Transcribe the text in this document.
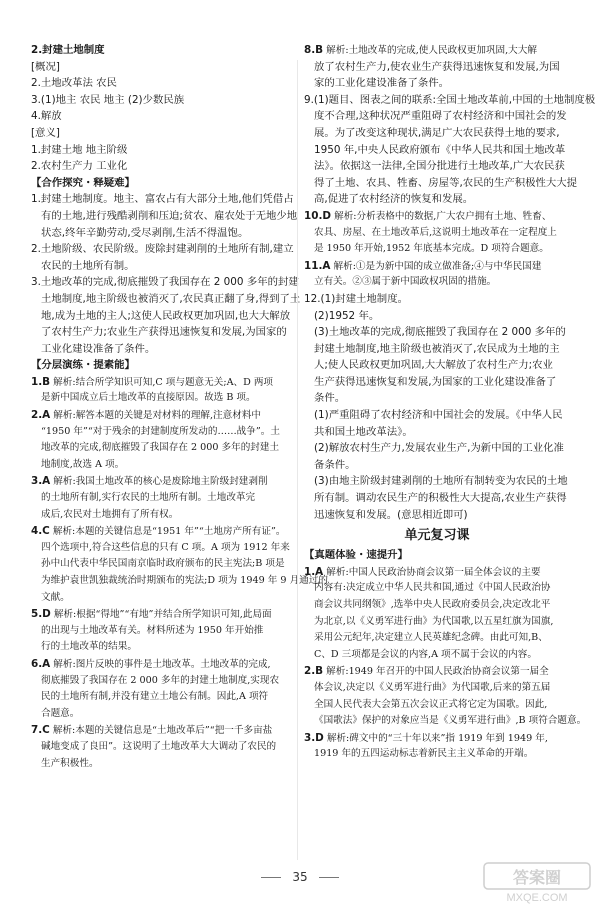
2.封建土地制度
[概况]
2.土地改革法 农民
3.(1)地主 农民 地主 (2)少数民族
4.解放
[意义]
1.封建土地 地主阶级
2.农村生产力 工业化
【合作探究・释疑难】
1.封建土地制度。地主、富农占有大部分土地,他们凭借占
有的土地,进行残酷剥削和压迫;贫农、雇农处于无地少地
状态,终年辛勤劳动,受尽剥削,生活不得温饱。
2.土地阶级、农民阶级。废除封建剥削的土地所有制,建立
农民的土地所有制。
3.土地改革的完成,彻底摧毁了我国存在 2 000 多年的封建
土地制度,地主阶级也被消灭了,农民真正翻了身,得到了土
地,成为土地的主人;这使人民政权更加巩固,也大大解放
了农村生产力;农业生产获得迅速恢复和发展,为国家的
工业化建设准备了条件。
【分层演练・提素能】
1.B 解析:结合所学知识可知,C 项与题意无关;A、D 两项
是新中国成立后土地改革的直接原因。故选 B 项。
2.A 解析:解答本题的关键是对材料的理解,注意材料中
“1950 年”“对于残余的封建制度所发动的……战争”。土
地改革的完成,彻底摧毁了我国存在 2 000 多年的封建土
地制度,故选 A 项。
3.A 解析:我国土地改革的核心是废除地主阶级封建剥削
的土地所有制,实行农民的土地所有制。土地改革完
成后,农民对土地拥有了所有权。
4.C 解析:本题的关键信息是“1951 年”“土地房产所有证”。
四个选项中,符合这些信息的只有 C 项。A 项为 1912 年来
孙中山代表中华民国南京临时政府颁布的民主宪法;B 项是
为维护袁世凯独裁统治时期颁布的宪法;D 项为 1949 年 9 月通过的
文献。
5.D 解析:根据“得地”“有地”并结合所学知识可知,此局面
的出现与土地改革有关。材料所述为 1950 年开始推
行的土地改革的结果。
6.A 解析:图片反映的事件是土地改革。土地改革的完成,
彻底摧毁了我国存在 2 000 多年的封建土地制度,实现农
民的土地所有制,并没有建立土地公有制。因此,A 项符
合题意。
7.C 解析:本题的关键信息是“土地改革后”“把一千多亩盐
碱地变成了良田”。这说明了土地改革大大调动了农民的
生产积极性。
8.B 解析:土地改革的完成,使人民政权更加巩固,大大解
放了农村生产力,使农业生产获得迅速恢复和发展,为国
家的工业化建设准备了条件。
9.(1)题目、图表之间的联系:全国土地改革前,中国的土地制度极
度不合理,这种状况严重阻碍了农村经济和中国社会的发
展。为了改变这种现状,满足广大农民获得土地的要求,
1950 年,中央人民政府颁布《中华人民共和国土地改革
法》。依据这一法律,全国分批进行土地改革,广大农民获
得了土地、农具、牲畜、房屋等,农民的生产积极性大大提
高,促进了农村经济的恢复和发展。
10.D 解析:分析表格中的数据,广大农户拥有土地、牲畜、
农具、房屋、在土地改革后,这说明土地改革在一定程度上
是 1950 年开始,1952 年底基本完成。D 项符合题意。
11.A 解析:①是为新中国的成立做准备;④与中华民国建
立有关。②③属于新中国政权巩固的措施。
12.(1)封建土地制度。
(2)1952 年。
(3)土地改革的完成,彻底摧毁了我国存在 2 000 多年的
封建土地制度,地主阶级也被消灭了,农民成为土地的主
人;使人民政权更加巩固,大大解放了农村生产力;农业
生产获得迅速恢复和发展,为国家的工业化建设准备了
条件。
(1)严重阻碍了农村经济和中国社会的发展。《中华人民
共和国土地改革法》。
(2)解放农村生产力,发展农业生产,为新中国的工业化准
备条件。
(3)由地主阶级封建剥削的土地所有制转变为农民的土地
所有制。调动农民生产的积极性大大提高,农业生产获得
迅速恢复和发展。(意思相近即可)
单元复习课
【真题体验・速提升】
1.A 解析:中国人民政治协商会议第一届全体会议的主要
内容有:决定成立中华人民共和国,通过《中国人民政治协
商会议共同纲领》,选举中央人民政府委员会,决定改北平
为北京,以《义勇军进行曲》为代国歌,以五星红旗为国旗,
采用公元纪年,决定建立人民英雄纪念碑。由此可知,B、
C、D 三项都是会议的内容,A 项不属于会议的内容。
2.B 解析:1949 年召开的中国人民政治协商会议第一届全
体会议,决定以《义勇军进行曲》为代国歌,后来的第五届
全国人民代表大会第五次会议正式将它定为国歌。因此,
《国歌法》保护的对象应当是《义勇军进行曲》,B 项符合题意。
3.D 解析:碑文中的“三十年以来”指 1919 年到 1949 年,
1919 年的五四运动标志着新民主主义革命的开端。
35	答案圈
MXQE.COM
